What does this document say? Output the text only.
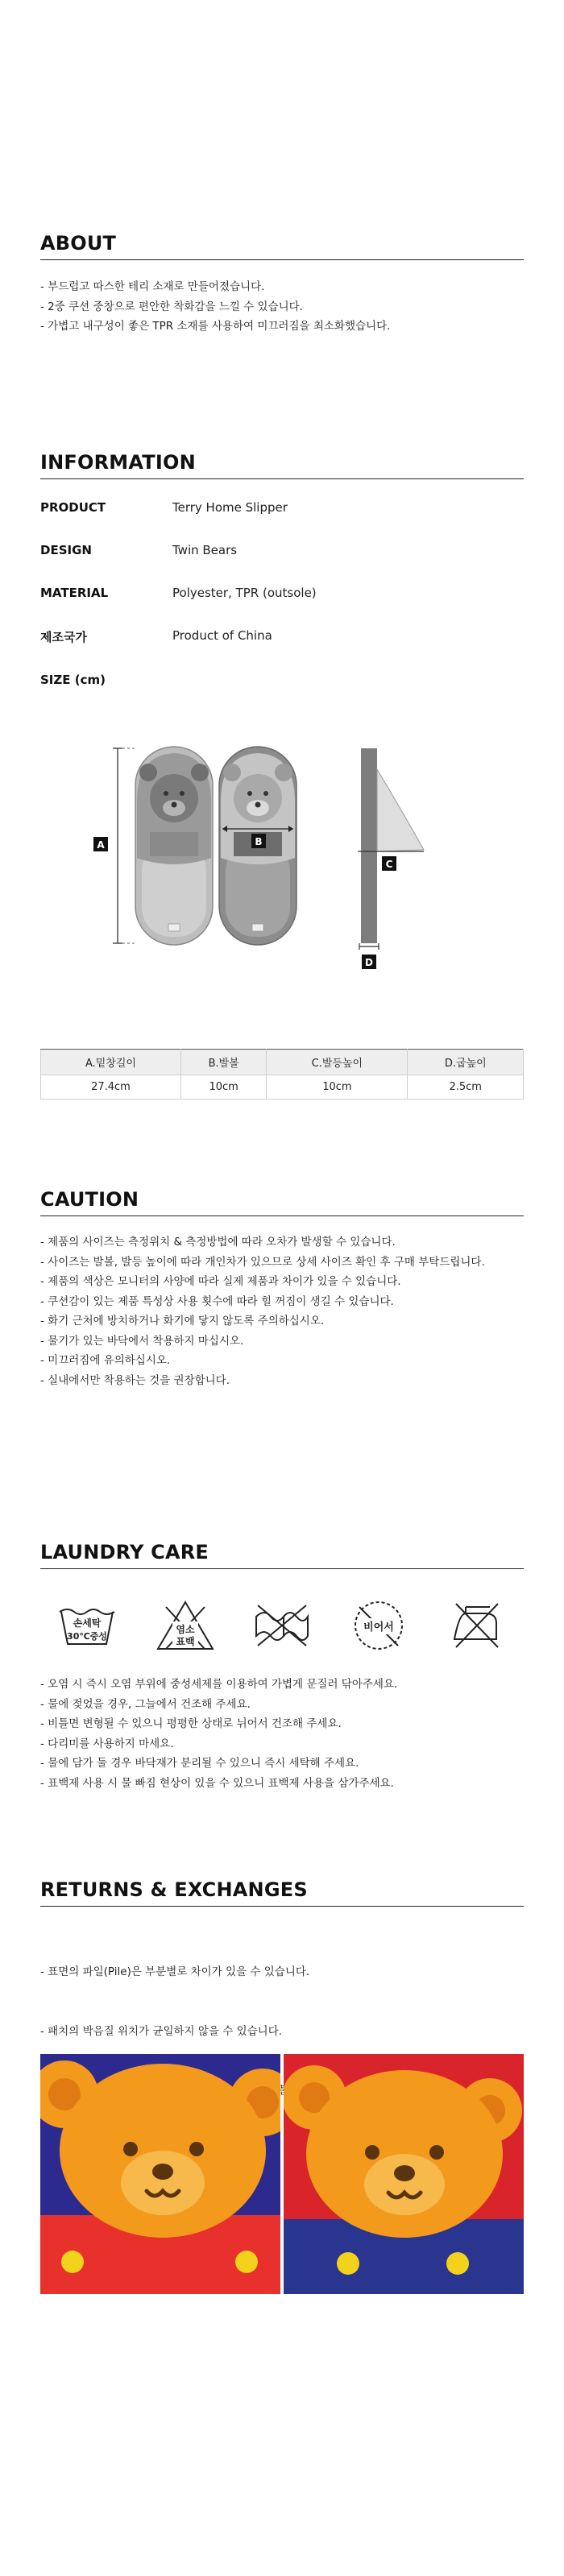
ABOUT
- 부드럽고 따스한 테리 소재로 만들어졌습니다.
- 2중 쿠션 중창으로 편안한 착화감을 느낄 수 있습니다.
- 가볍고 내구성이 좋은 TPR 소재를 사용하여 미끄러짐을 최소화했습니다.
INFORMATION
PRODUCT	Terry Home Slipper
DESIGN	Twin Bears
MATERIAL	Polyester, TPR (outsole)
제조국가	Product of China
SIZE (cm)
A	B
C
D
A.밑창길이	B.발볼	C.발등높이	D.굽높이
27.4cm	10cm	10cm	2.5cm
CAUTION
- 제품의 사이즈는 측정위치 & 측정방법에 따라 오차가 발생할 수 있습니다.
- 사이즈는 발볼, 발등 높이에 따라 개인차가 있으므로 상세 사이즈 확인 후 구매 부탁드립니다.
- 제품의 색상은 모니터의 사양에 따라 실제 제품과 차이가 있을 수 있습니다.
- 쿠션감이 있는 제품 특성상 사용 횟수에 따라 힐 꺼짐이 생길 수 있습니다.
- 화기 근처에 방치하거나 화기에 닿지 않도록 주의하십시오.
- 물기가 있는 바닥에서 착용하지 마십시오.
- 미끄러짐에 유의하십시오.
- 실내에서만 착용하는 것을 권장합니다.
LAUNDRY CARE
손세탁
30℃중성
염소
표백
비어서
- 오염 시 즉시 오염 부위에 중성세제를 이용하여 가볍게 문질러 닦아주세요.
- 물에 젖었을 경우, 그늘에서 건조해 주세요.
- 비틀면 변형될 수 있으니 평평한 상태로 뉘어서 건조해 주세요.
- 다리미를 사용하지 마세요.
- 물에 담가 둘 경우 바닥재가 분리될 수 있으니 즉시 세탁해 주세요.
- 표백제 사용 시 물 빠짐 현상이 있을 수 있으니 표백제 사용을 삼가주세요.
RETURNS & EXCHANGES

- 표면의 파일(Pile)은 부분별로 차이가 있을 수 있습니다.

- 패치의 박음질 위치가 균일하지 않을 수 있습니다.
